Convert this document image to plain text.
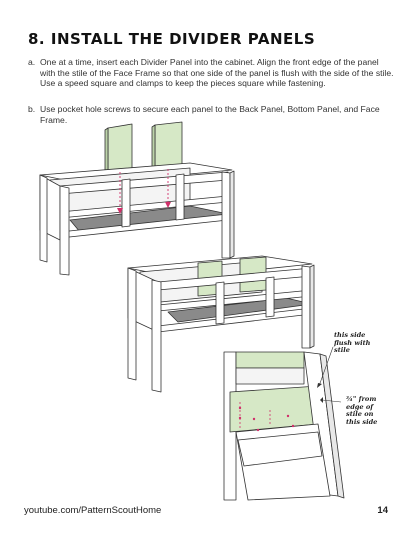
8. INSTALL THE DIVIDER PANELS
a. One at a time, insert each Divider Panel into the cabinet. Align the front edge of the panel with the stile of the Face Frame so that one side of the panel is flush with the side of the stile. Use a speed square and clamps to keep the pieces square while fastening.
b. Use pocket hole screws to secure each panel to the Back Panel, Bottom Panel, and Face Frame.
this side
flush with
stile
¾" from
edge of
stile on
this side
youtube.com/PatternScoutHome	14
